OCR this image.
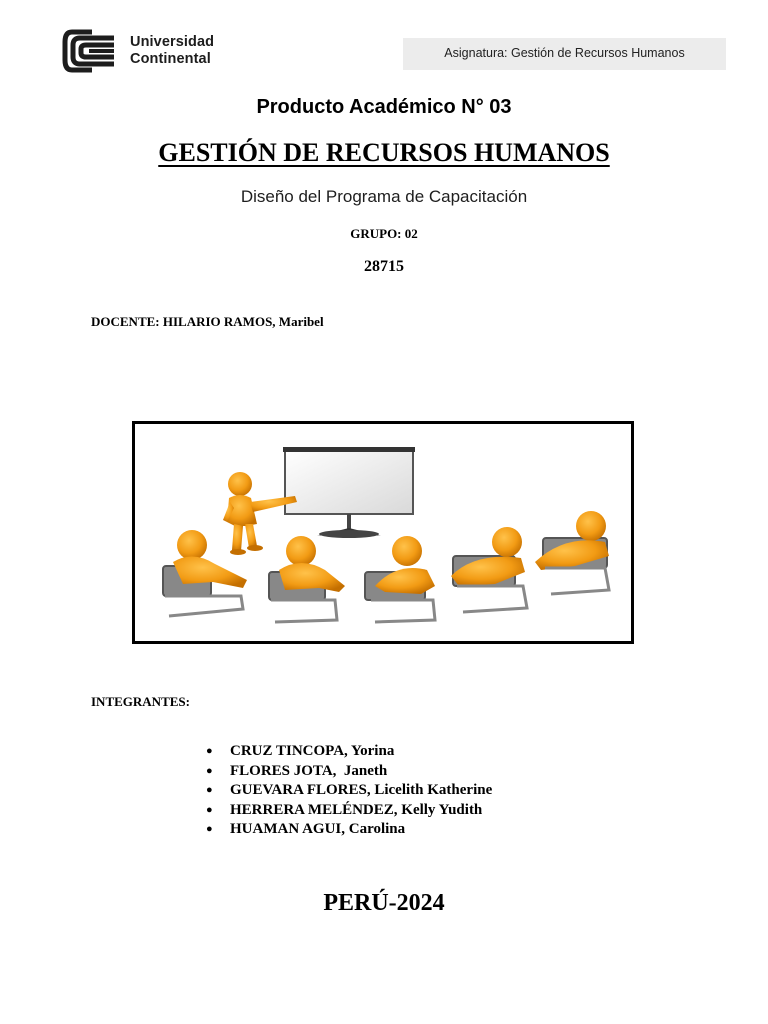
Universidad
Continental	Asignatura: Gestión de Recursos Humanos
Producto Académico N° 03
GESTIÓN DE RECURSOS HUMANOS
Diseño del Programa de Capacitación
GRUPO: 02
28715
DOCENTE: HILARIO RAMOS, Maribel
INTEGRANTES:
● CRUZ TINCOPA, Yorina
● FLORES JOTA,  Janeth
● GUEVARA FLORES, Licelith Katherine
● HERRERA MELÉNDEZ, Kelly Yudith
● HUAMAN AGUI, Carolina
PERÚ-2024
